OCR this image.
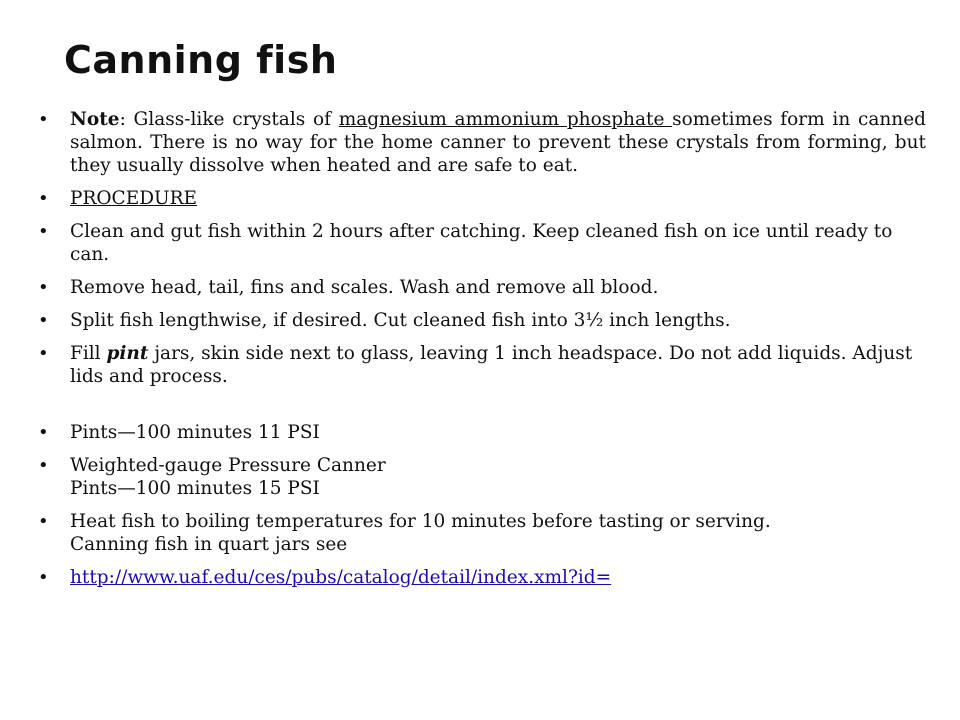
Canning fish
• Note: Glass-like crystals of magnesium ammonium phosphate sometimes form in canned salmon. There is no way for the home canner to prevent these crystals from forming, but they usually dissolve when heated and are safe to eat.
• PROCEDURE
• Clean and gut fish within 2 hours after catching. Keep cleaned fish on ice until ready to can.
• Remove head, tail, fins and scales. Wash and remove all blood.
• Split fish lengthwise, if desired. Cut cleaned fish into 3½ inch lengths.
• Fill pint jars, skin side next to glass, leaving 1 inch headspace. Do not add liquids. Adjust lids and process.
• Pints—100 minutes 11 PSI
• Weighted-gauge Pressure Canner
Pints—100 minutes 15 PSI
• Heat fish to boiling temperatures for 10 minutes before tasting or serving.
Canning fish in quart jars see
• http://www.uaf.edu/ces/pubs/catalog/detail/index.xml?id=
